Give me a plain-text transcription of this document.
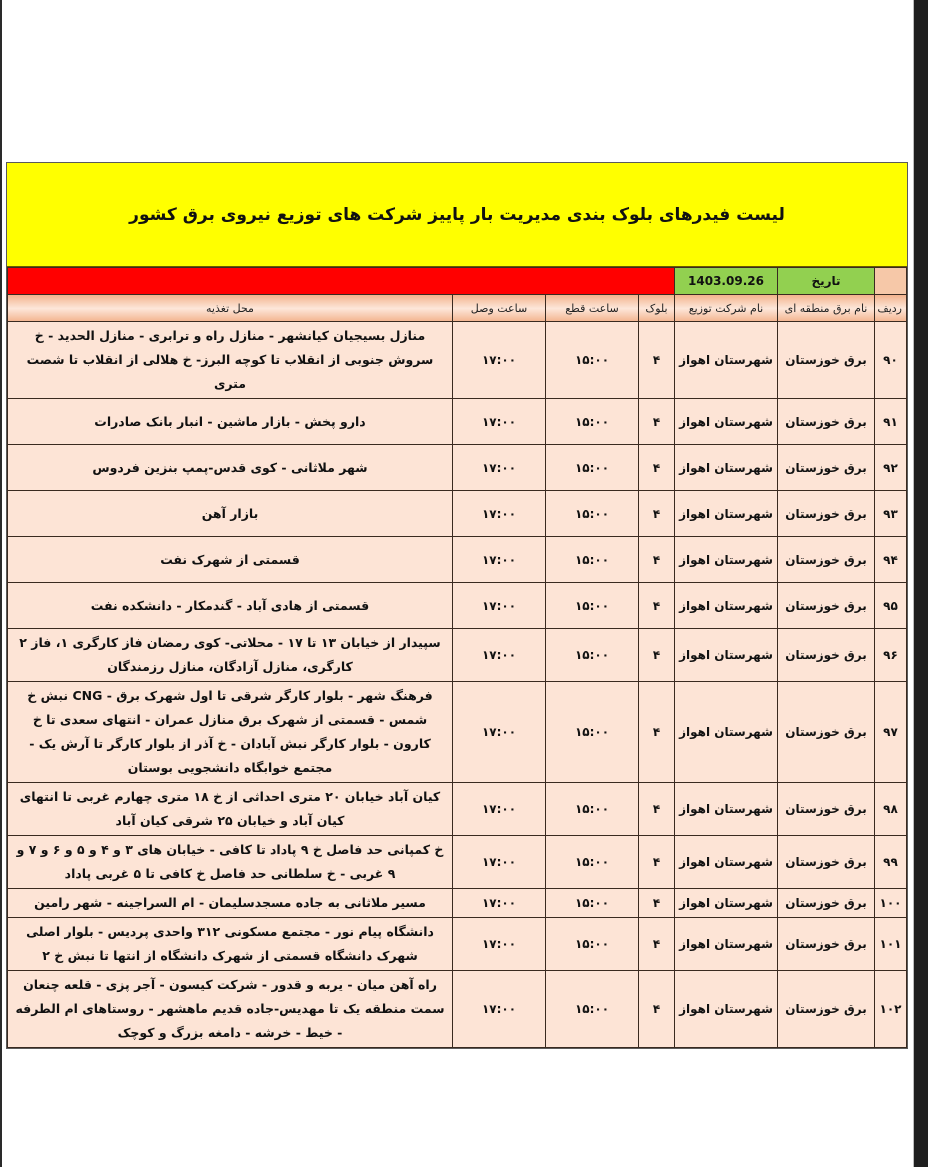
لیست فیدرهای بلوک بندی مدیریت بار پاییز شرکت های توزیع نیروی برق کشور
	تاریخ	1403.09.26				
ردیف	نام برق منطقه ای	نام شرکت توزیع	بلوک	ساعت قطع	ساعت وصل	محل تغذیه
۹۰	برق خوزستان	شهرستان اهواز	۴	۱۵:۰۰	۱۷:۰۰	منازل بسیجیان کیانشهر - منازل راه و ترابری - منازل الحدید - خ سروش جنوبی از انقلاب تا کوچه البرز- خ هلالی از انقلاب تا شصت متری
۹۱	برق خوزستان	شهرستان اهواز	۴	۱۵:۰۰	۱۷:۰۰	دارو پخش - بازار ماشین - انبار بانک صادرات
۹۲	برق خوزستان	شهرستان اهواز	۴	۱۵:۰۰	۱۷:۰۰	شهر ملاثانی - کوی قدس-پمپ بنزین فردوس
۹۳	برق خوزستان	شهرستان اهواز	۴	۱۵:۰۰	۱۷:۰۰	بازار آهن
۹۴	برق خوزستان	شهرستان اهواز	۴	۱۵:۰۰	۱۷:۰۰	قسمتی از شهرک نفت
۹۵	برق خوزستان	شهرستان اهواز	۴	۱۵:۰۰	۱۷:۰۰	قسمتی از هادی آباد - گندمکار - دانشکده نفت
۹۶	برق خوزستان	شهرستان اهواز	۴	۱۵:۰۰	۱۷:۰۰	سپیدار از خیابان ۱۳ تا ۱۷ - محلاتی- کوی رمضان فاز کارگری ۱، فاز ۲ کارگری، منازل آزادگان، منازل رزمندگان
۹۷	برق خوزستان	شهرستان اهواز	۴	۱۵:۰۰	۱۷:۰۰	فرهنگ شهر - بلوار کارگر شرقی تا اول شهرک برق - CNG نبش خ شمس - قسمتی از شهرک برق منازل عمران - انتهای سعدی تا خ کارون - بلوار کارگر نبش آبادان - خ آذر از بلوار کارگر تا آرش یک - مجتمع خوابگاه دانشجویی بوستان
۹۸	برق خوزستان	شهرستان اهواز	۴	۱۵:۰۰	۱۷:۰۰	کیان آباد خیابان ۲۰ متری احداثی از خ ۱۸ متری چهارم غربی تا انتهای کیان آباد و خیابان ۲۵ شرقی کیان آباد
۹۹	برق خوزستان	شهرستان اهواز	۴	۱۵:۰۰	۱۷:۰۰	خ کمپانی حد فاصل خ ۹ پاداد تا کافی - خیابان های ۳ و ۴ و ۵ و ۶ و ۷ و ۹ غربی - خ سلطانی حد فاصل خ کافی تا ۵ غربی پاداد
۱۰۰	برق خوزستان	شهرستان اهواز	۴	۱۵:۰۰	۱۷:۰۰	مسیر ملاثانی به جاده مسجدسلیمان - ام السراجینه - شهر رامین
۱۰۱	برق خوزستان	شهرستان اهواز	۴	۱۵:۰۰	۱۷:۰۰	دانشگاه پیام نور - مجتمع مسکونی ۳۱۲ واحدی پردیس - بلوار اصلی شهرک دانشگاه قسمتی از شهرک دانشگاه از انتها تا نبش خ ۲
۱۰۲	برق خوزستان	شهرستان اهواز	۴	۱۵:۰۰	۱۷:۰۰	راه آهن میان - یربه و قدور - شرکت کیسون - آجر پزی - قلعه چنعان سمت منطقه یک تا مهدیس-جاده قدیم ماهشهر - روستاهای ام الطرفه - خیط - خرشه - دامغه بزرگ و کوچک
